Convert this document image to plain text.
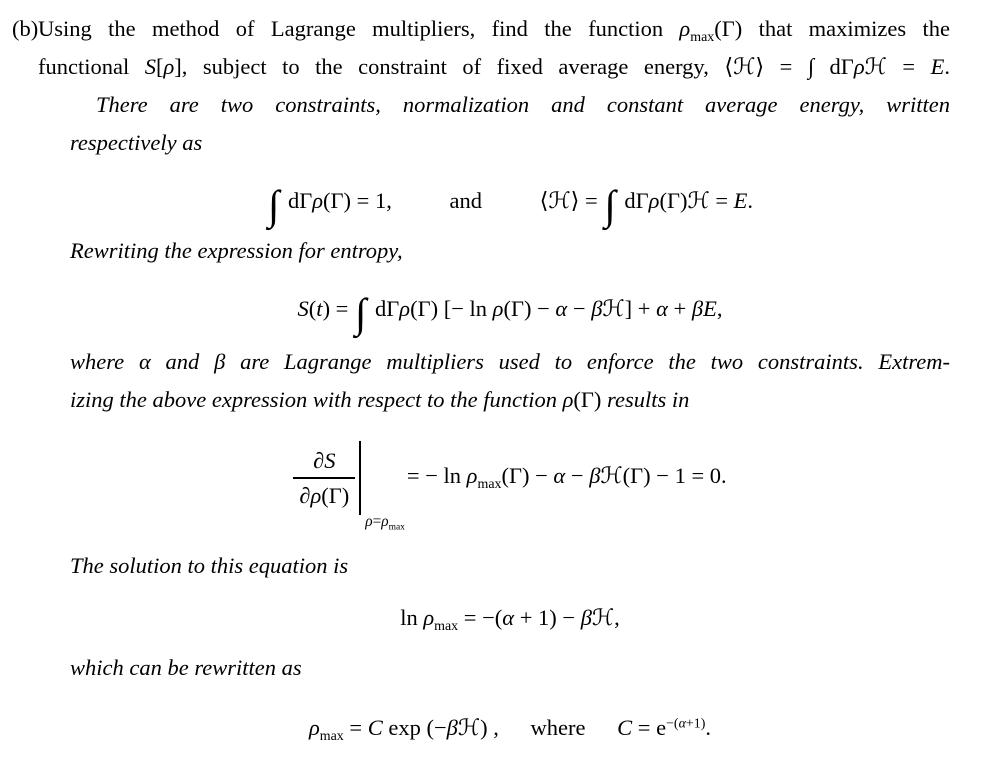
(b) Using the method of Lagrange multipliers, find the function $\rho_{max}(\Gamma)$ that maximizes the
functional S[ρ], subject to the constraint of fixed average energy, ⟨ℋ⟩ = ∫ dΓρℋ = E.
There are two constraints, normalization and constant average energy, written
respectively as
∫ dΓρ(Γ) = 1,	and	⟨ℋ⟩ = ∫ dΓρ(Γ)ℋ = E.
Rewriting the expression for entropy,
S(t) = ∫ dΓρ(Γ) [− ln ρ(Γ) − α − βℋ] + α + βE,
where α and β are Lagrange multipliers used to enforce the two constraints. Extrem-
izing the above expression with respect to the function ρ(Γ) results in
$\frac{\partial S}{\partial\rho(\Gamma)}$
$\rho=\rho_{max}$
= − $\ln \rho_{max}(\Gamma) - \alpha$ − βℋ(Γ) − 1 = 0.
The solution to this equation is
$\ln \rho_{max} = -(\alpha + 1)$ − βℋ,
which can be rewritten as
$\rho_{max} = C$ exp (−βℋ) , where $C = e^{-(\alpha+1)}$.
